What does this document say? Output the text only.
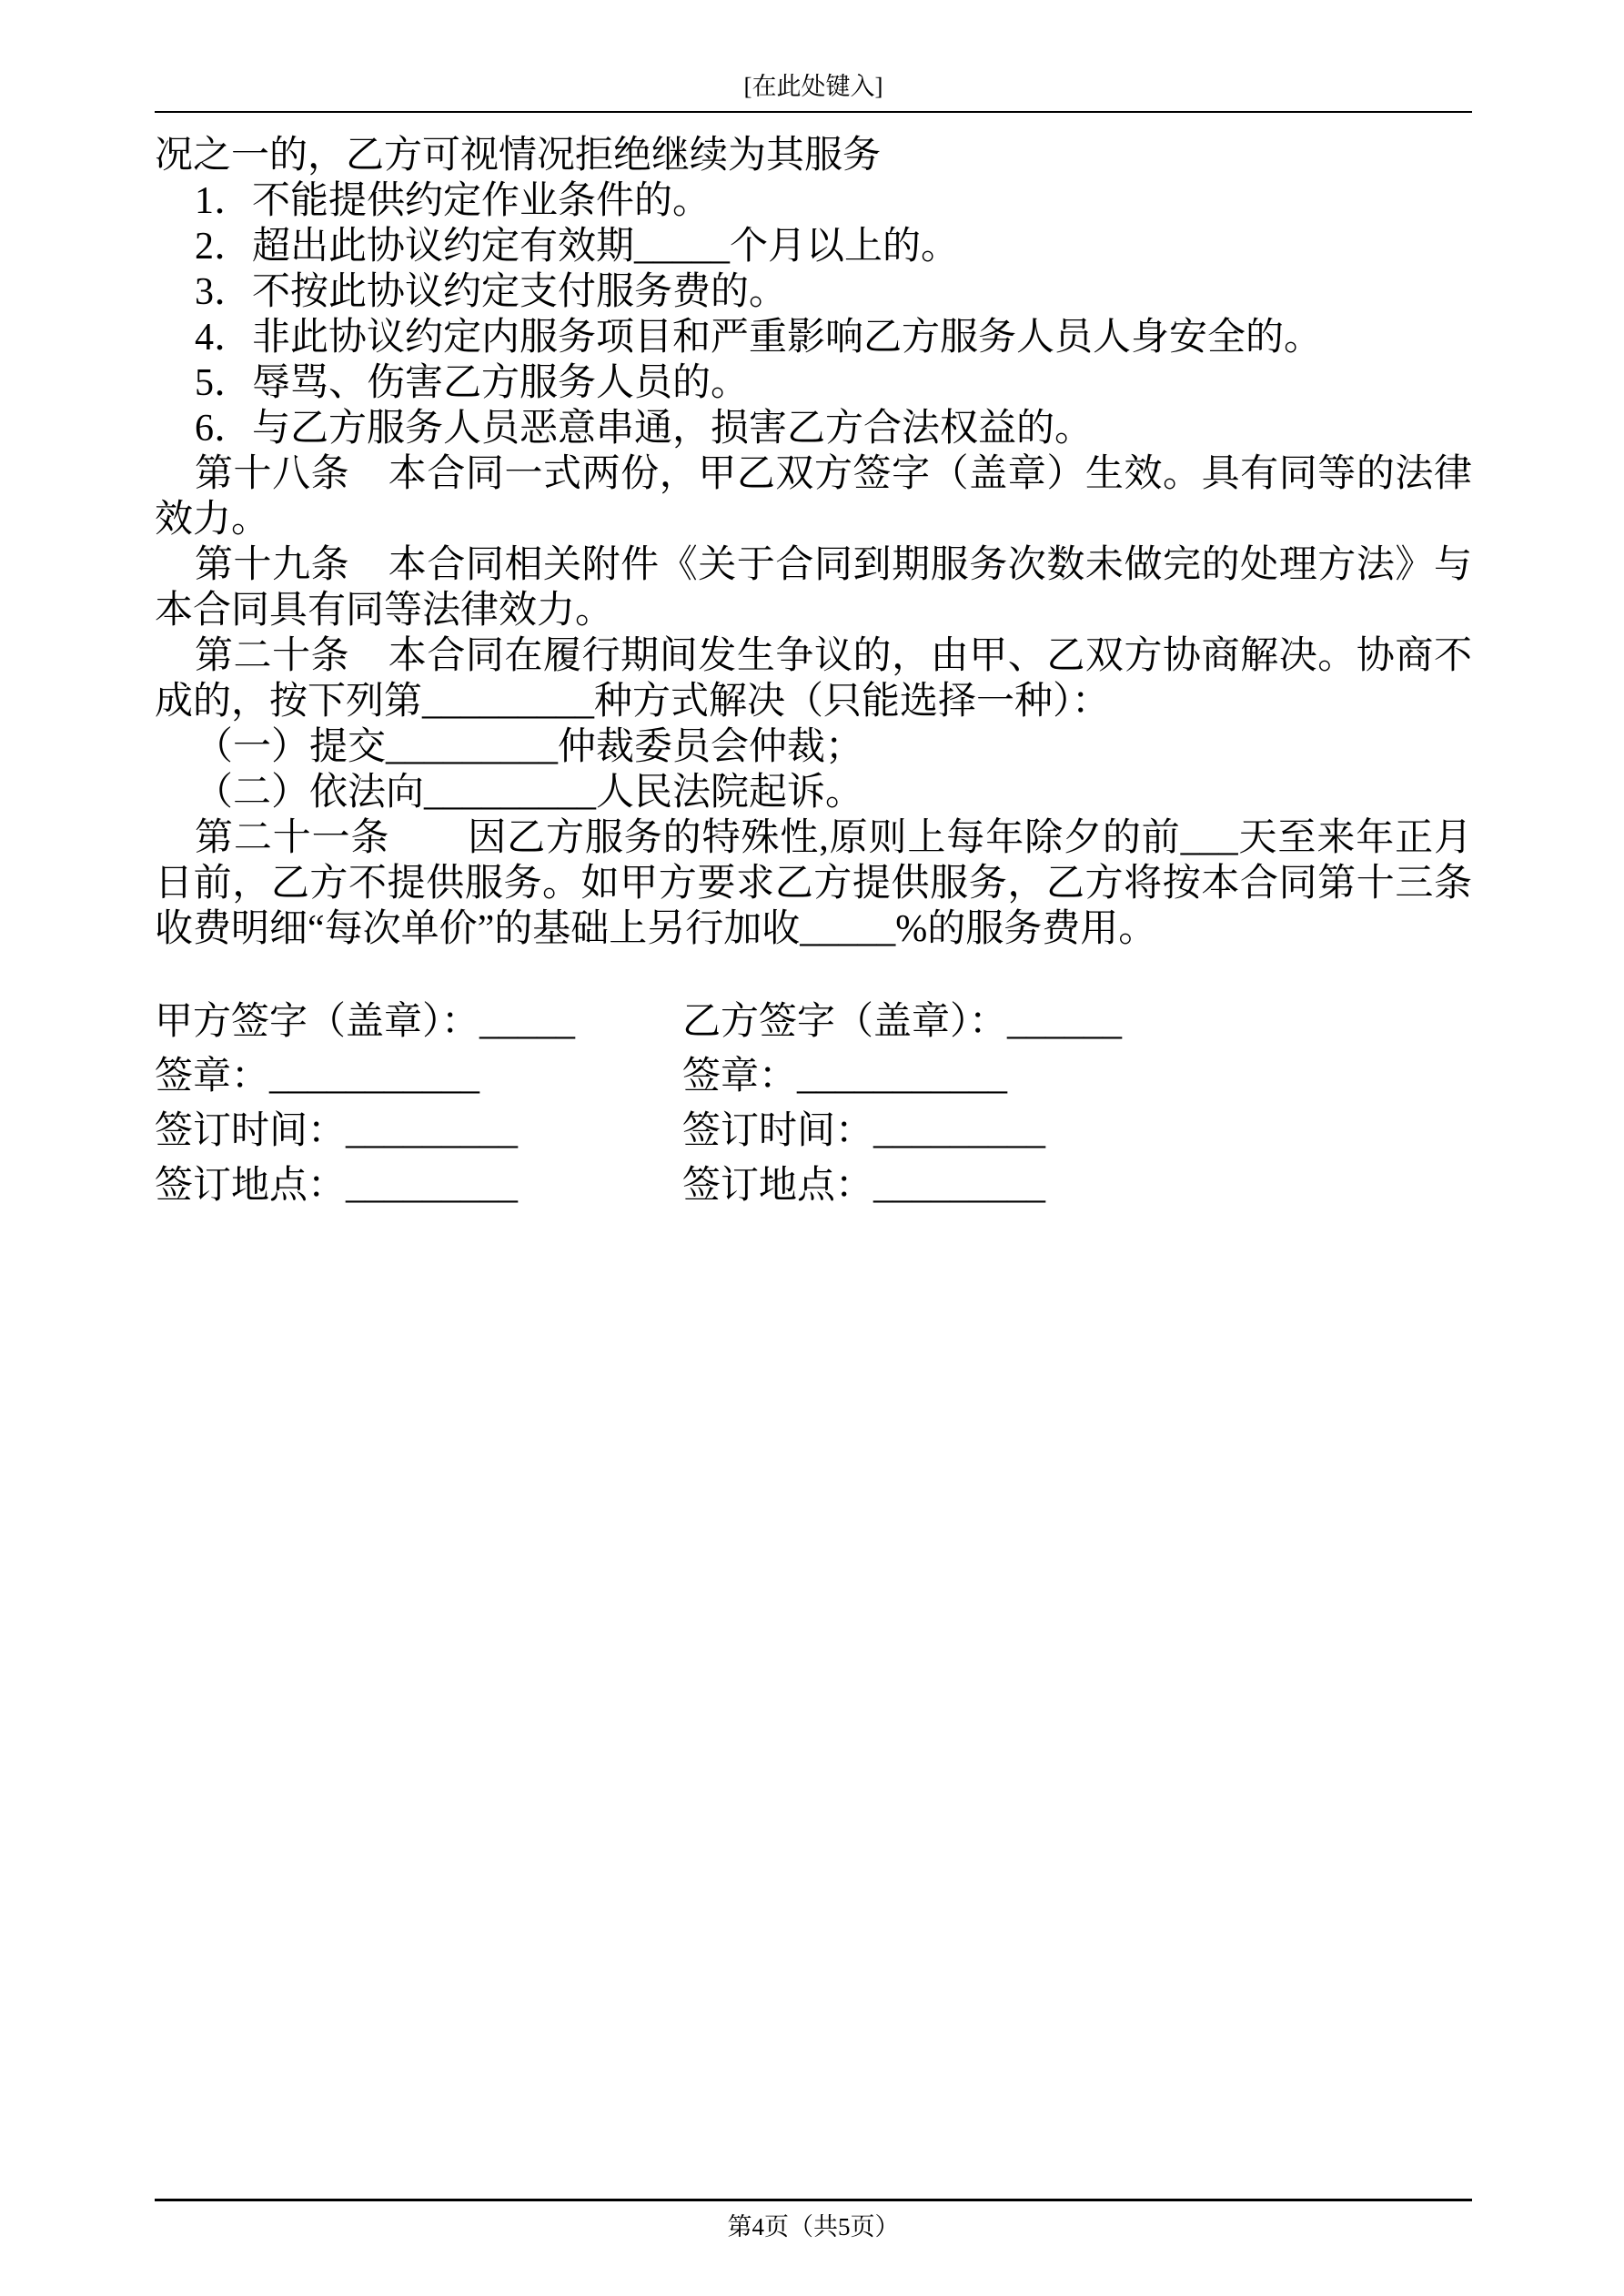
[在此处键入]

况之一的，乙方可视情况拒绝继续为其服务

1．不能提供约定作业条件的。

2．超出此协议约定有效期_____个月以上的。

3．不按此协议约定支付服务费的。

4．非此协议约定内服务项目和严重影响乙方服务人员人身安全的。

5．辱骂、伤害乙方服务人员的。

6．与乙方服务人员恶意串通，损害乙方合法权益的。

第十八条　本合同一式两份，甲乙双方签字（盖章）生效。具有同等的法律效力。

第十九条　本合同相关附件《关于合同到期服务次数未做完的处理方法》与本合同具有同等法律效力。

第二十条　本合同在履行期间发生争议的，由甲、乙双方协商解决。协商不成的，按下列第_________种方式解决（只能选择一种）：

（一）提交_________仲裁委员会仲裁；

（二）依法向_________人民法院起诉。

第二十一条　　因乙方服务的特殊性,原则上每年除夕的前___天至来年正月日前，乙方不提供服务。如甲方要求乙方提供服务，乙方将按本合同第十三条收费明细“每次单价”的基础上另行加收_____%的服务费用。

甲方签字（盖章）：_____

签章：___________

签订时间：_________

签订地点：_________

乙方签字（盖章）：______

签章：___________

签订时间：_________

签订地点：_________

第4页（共5页）
